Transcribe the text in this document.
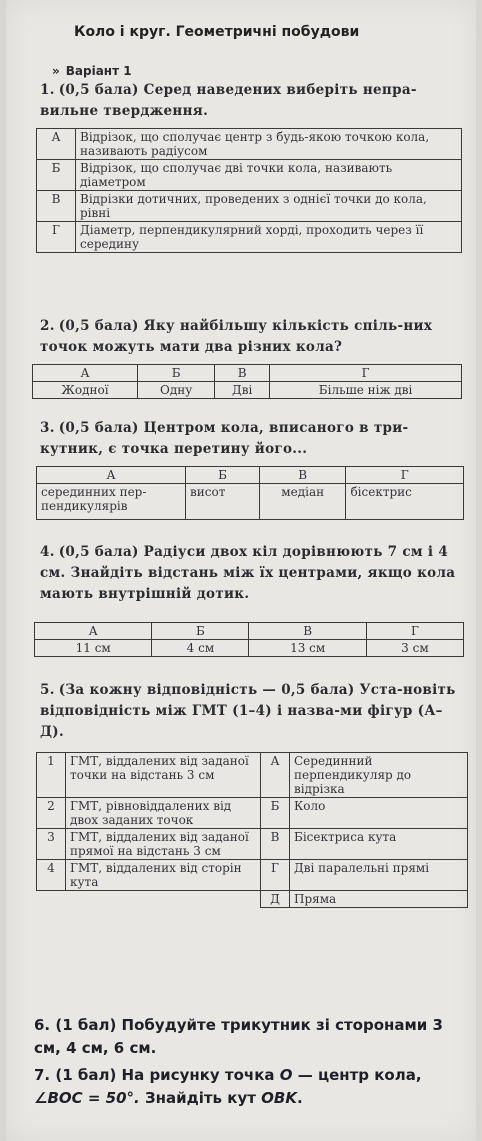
Коло і круг. Геометричні побудови
» Варіант 1
1. (0,5 бала) Серед наведених виберіть непра-вильне твердження.
А	Відрізок, що сполучає центр з будь-якою точкою кола, називають радіусом
Б	Відрізок, що сполучає дві точки кола, називають діаметром
В	Відрізки дотичних, проведених з однієї точки до кола, рівні
Г	Діаметр, перпендикулярний хорді, проходить через її середину
2. (0,5 бала) Яку найбільшу кількість спіль-них точок можуть мати два різних кола?
А	Б	В	Г
Жодної	Одну	Дві	Більше ніж дві
3. (0,5 бала) Центром кола, вписаного в три-кутник, є точка перетину його...
А	Б	В	Г
серединних пер-пендикулярів	висот	медіан	бісектрис
4. (0,5 бала) Радіуси двох кіл дорівнюють 7 см і 4 см. Знайдіть відстань між їх центрами, якщо кола мають внутрішній дотик.
А	Б	В	Г
11 см	4 см	13 см	3 см
5. (За кожну відповідність — 0,5 бала) Уста-новіть відповідність між ГМТ (1–4) і назва-ми фігур (А–Д).
1	ГМТ, віддалених від заданої точки на відстань 3 см	А	Серединний перпендикуляр до відрізка
2	ГМТ, рівновіддалених від двох заданих точок	Б	Коло
3	ГМТ, віддалених від заданої прямої на відстань 3 см	В	Бісектриса кута
4	ГМТ, віддалених від сторін кута	Г	Дві паралельні прямі
		Д	Пряма
6. (1 бал) Побудуйте трикутник зі сторонами 3 см, 4 см, 6 см.
7. (1 бал) На рисунку точка O — центр кола, ∠BOC = 50°. Знайдіть кут OBK.
